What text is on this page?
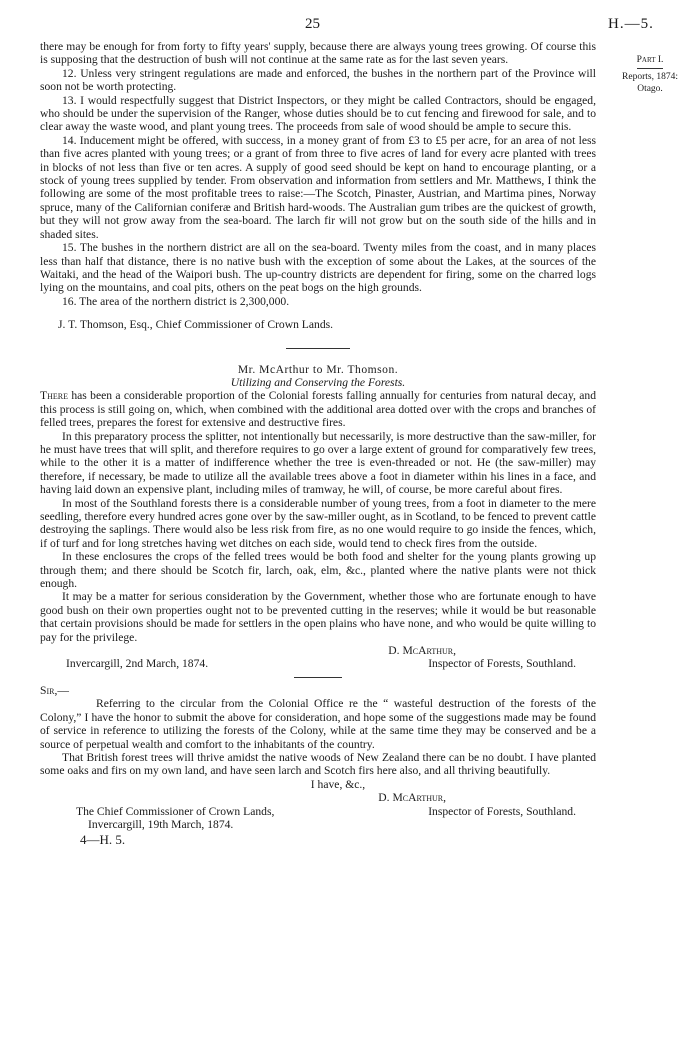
25	H.—5.
Part I.
Reports, 1874:
Otago.

there may be enough for from forty to fifty years' supply, because there are always young trees growing. Of course this is supposing that the destruction of bush will not continue at the same rate as for the last seven years.

12. Unless very stringent regulations are made and enforced, the bushes in the northern part of the Province will soon not be worth protecting.

13. I would respectfully suggest that District Inspectors, or they might be called Contractors, should be engaged, who should be under the supervision of the Ranger, whose duties should be to cut fencing and firewood for sale, and to clear away the waste wood, and plant young trees. The proceeds from sale of wood should be ample to secure this.

14. Inducement might be offered, with success, in a money grant of from £3 to £5 per acre, for an area of not less than five acres planted with young trees; or a grant of from three to five acres of land for every acre planted with trees in blocks of not less than five or ten acres. A supply of good seed should be kept on hand to encourage planting, or a stock of young trees supplied by tender. From observation and information from settlers and Mr. Matthews, I think the following are some of the most profitable trees to raise:—The Scotch, Pinaster, Austrian, and Martima pines, Norway spruce, many of the Californian coniferæ and British hard-woods. The Australian gum tribes are the quickest of growth, but they will not grow away from the sea-board. The larch fir will not grow but on the south side of the hills and in shaded sites.

15. The bushes in the northern district are all on the sea-board. Twenty miles from the coast, and in many places less than half that distance, there is no native bush with the exception of some about the Lakes, at the sources of the Waitaki, and the head of the Waipori bush. The up-country districts are dependent for firing, some on the charred logs lying on the mountains, and coal pits, others on the peat bogs on the high grounds.

16. The area of the northern district is 2,300,000.

J. T. Thomson, Esq., Chief Commissioner of Crown Lands.

Mr. McArthur to Mr. Thomson.

Utilizing and Conserving the Forests.

There has been a considerable proportion of the Colonial forests falling annually for centuries from natural decay, and this process is still going on, which, when combined with the additional area dotted over with the crops and branches of felled trees, prepares the forest for extensive and destructive fires.

In this preparatory process the splitter, not intentionally but necessarily, is more destructive than the saw-miller, for he must have trees that will split, and therefore requires to go over a large extent of ground for comparatively few trees, while to the other it is a matter of indifference whether the tree is even-threaded or not. He (the saw-miller) may therefore, if necessary, be made to utilize all the available trees above a foot in diameter within his lines in a face, and having laid down an expensive plant, including miles of tramway, he will, of course, be more careful about fires.

In most of the Southland forests there is a considerable number of young trees, from a foot in diameter to the mere seedling, therefore every hundred acres gone over by the saw-miller ought, as in Scotland, to be fenced to prevent cattle destroying the saplings. There would also be less risk from fire, as no one would require to go inside the fences, which, if of turf and for long stretches having wet ditches on each side, would tend to check fires from the outside.

In these enclosures the crops of the felled trees would be both food and shelter for the young plants growing up through them; and there should be Scotch fir, larch, oak, elm, &c., planted where the native plants were not thick enough.

It may be a matter for serious consideration by the Government, whether those who are fortunate enough to have good bush on their own properties ought not to be prevented cutting in the reserves; while it would be but reasonable that certain provisions should be made for settlers in the open plains who have none, and who would be quite willing to pay for the privilege.

D. McArthur,

Invercargill, 2nd March, 1874.	Inspector of Forests, Southland.

Sir,—

Referring to the circular from the Colonial Office re the “ wasteful destruction of the forests of the Colony,” I have the honor to submit the above for consideration, and hope some of the suggestions made may be found of service in reference to utilizing the forests of the Colony, while at the same time they may be conserved and be a source of perpetual wealth and comfort to the inhabitants of the country.

That British forest trees will thrive amidst the native woods of New Zealand there can be no doubt. I have planted some oaks and firs on my own land, and have seen larch and Scotch firs here also, and all thriving beautifully.

I have, &c.,

D. McArthur,

The Chief Commissioner of Crown Lands,	Inspector of Forests, Southland.

Invercargill, 19th March, 1874.

4—H. 5.
